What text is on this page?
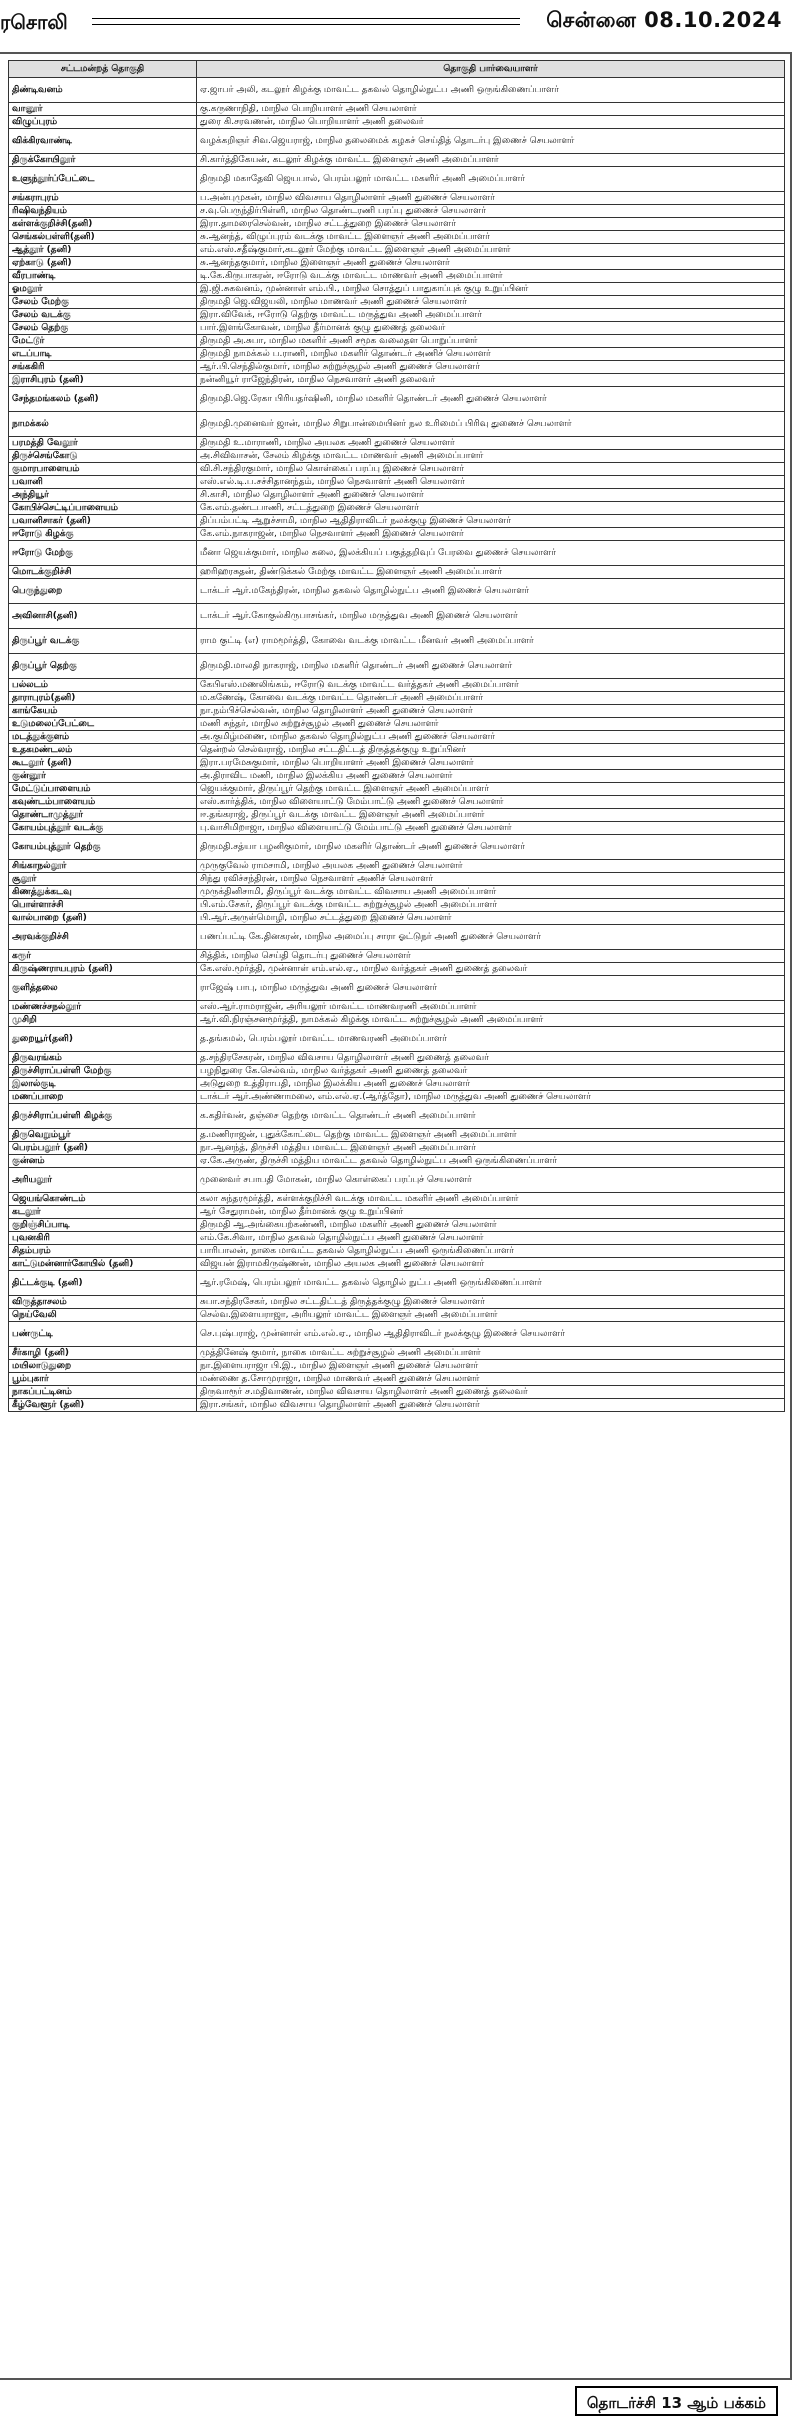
ரசொலி	சென்னை 08.10.2024
சட்டமன்றத் தொகுதி	தொகுதி பார்வையாளர்
திண்டிவனம்	ஏ.ஜாபர் அலி, கடலூர் கிழக்கு மாவட்ட தகவல் தொழில்நுட்ப அணி ஒருங்கிணைப்பாளர்
வானூர்	கு.கருணாநிதி, மாநில பொறியாளர் அணி செயலாளர்
விழுப்புரம்	துரை கி.சரவணன், மாநில பொறியாளர் அணி தலைவர்
விக்கிரவாண்டி	வழக்கறிஞர் சிவ.ஜெயராஜ், மாநில தலைமைக் கழகச் செய்தித் தொடர்பு இணைச் செயலாளர்
திருக்கோயிலூர்	சி.கார்த்திகேயன், கடலூர் கிழக்கு மாவட்ட இளைஞர் அணி அமைப்பாளர்
உளுந்தூர்ப்பேட்டை	திருமதி மகாதேவி ஜெயபால், பெரம்பலூர் மாவட்ட மகளிர் அணி அமைப்பாளர்
சங்கராபுரம்	ப.அன்புமுகன், மாநில விவசாய தொழிலாளர் அணி துணைச் செயலாளர்
ரிஷிவந்தியம்	ச.வு.பெருந்திர்பிள்ளி, மாநில தொண்டரணி பரப்பு துணைச் செயலாளர்
கள்ளக்குறிச்சி(தனி)	இரா.தாமரைசெல்வன், மாநில சட்டத்துறை இணைச் செயலாளர்
செங்கல்பள்ளி(தனி)	சு.ஆனந்த், விழுப்புரம் வடக்கு மாவட்ட இளைஞர் அணி அமைப்பாளர்
ஆத்தூர் (தனி)	எம்.எஸ்.சதீஷ்குமார்,கடலூர் மேற்கு மாவட்ட இளைஞர் அணி அமைப்பாளர்
ஏற்காடு (தனி)	சு.ஆனந்தகுமார், மாநில இளைஞர் அணி துணைச் செயலாளர்
வீரபாண்டி	டி.கே.கிருபாகரன், ஈரோடு வடக்கு மாவட்ட மாணவர் அணி அமைப்பாளர்
ஓமலூர்	இ.ஜி.சுகவனம், முன்னாள் எம்.பி., மாநில சொத்துப் பாதுகாப்புக் குழு உறுப்பினர்
சேலம் மேற்கு	திருமதி ஜெ.விஜயலி, மாநில மாணவர் அணி துணைச் செயலாளர்
சேலம் வடக்கு	இரா.விவேக், ஈரோடு தெற்கு மாவட்ட மருத்துவ அணி அமைப்பாளர்
சேலம் தெற்கு	பார்.இளங்கோவன், மாநில தீர்மானக் குழு துணைத் தலைவர்
மேட்டூர்	திருமதி அ.சுபா, மாநில மகளிர் அணி சமூக வலைதள பொறுப்பாளர்
எடப்பாடி	திருமதி நாமக்கல் ப.ராணி, மாநில மகளிர் தொண்டர் அணிச் செயலாளர்
சங்ககிரி	ஆர்.பி.செந்தில்குமார், மாநில சுற்றுச்சூழல் அணி துணைச் செயலாளர்
இராசிபுரம் (தனி)	நன்னியூர் ராஜேந்திரன், மாநில நெசவாளர் அணி தலைவர்
சேந்தமங்கலம் (தனி)	திருமதி.ஜெ.ரேகா பிரியதர்ஷினி, மாநில மகளிர் தொண்டர் அணி துணைச் செயலாளர்
நாமக்கல்	திருமதி.முனைவர் ஜான், மாநில சிறுபான்மையினர் நல உரிமைப் பிரிவு துணைச் செயலாளர்
பரமத்தி வேலூர்	திருமதி உ.மாராணி, மாநில அயலக அணி துணைச் செயலாளர்
திருச்செங்கோடு	அ.சிவிவாசன், சேலம் கிழக்கு மாவட்ட மாணவர் அணி அமைப்பாளர்
குமாரபாளையம்	வி.சி.சந்திரகுமார், மாநில கொள்கைப் பரப்பு இணைச் செயலாளர்
பவானி	எஸ்.எல்.டி.ப.சச்சிதானந்தம், மாநில நெசவாளர் அணி செயலாளர்
அந்தியூர்	சி.காசி, மாநில தொழிலாளர் அணி துணைச் செயலாளர்
கோபிச்செட்டிப்பாளையம்	கே.எம்.தண்டபாணி, சட்டத்துறை இணைச் செயலாளர்
பவானிசாகர் (தனி)	திப்பம்பட்டி ஆறுச்சாமி, மாநில ஆதிதிராவிடர் நலக்குழு இணைச் செயலாளர்
ஈரோடு கிழக்கு	கே.எம்.நாகராஜன், மாநில நெசவாளர் அணி இணைச் செயலாளர்
ஈரோடு மேற்கு	மீனா ஜெயக்குமார், மாநில கலை, இலக்கியப் பகுத்தறிவுப் பேரவை துணைச் செயலாளர்
மொடக்குறிச்சி	ஹரிஹரசுதன், திண்டுக்கல் மேற்கு மாவட்ட இளைஞர் அணி அமைப்பாளர்
பெருந்துறை	டாக்டர் ஆர்.மகேந்திரன், மாநில தகவல் தொழில்நுட்ப அணி இணைச் செயலாளர்
அவினாசி(தனி)	டாக்டர் ஆர்.கோகுல்கிருபாசங்கர், மாநில மருத்துவ அணி இணைச் செயலாளர்
திருப்பூர் வடக்கு	ராம குட்டி (எ) ராமமூர்த்தி, கோவை வடக்கு மாவட்ட மீனவர் அணி அமைப்பாளர்
திருப்பூர் தெற்கு	திருமதி.மாலதி நாகராஜ், மாநில மகளிர் தொண்டர் அணி துணைச் செயலாளர்
பல்லடம்	கேபிஎஸ்.மணலிங்கம், ஈரோடு வடக்கு மாவட்ட வர்த்தகர் அணி அமைப்பாளர்
தாராபுரம்(தனி)	ம.கணேஷ், கோவை வடக்கு மாவட்ட தொண்டர் அணி அமைப்பாளர்
காங்கேயம்	நா.நம்பிச்செல்வன், மாநில தொழிலாளர் அணி துணைச் செயலாளர்
உடுமலைப்பேட்டை	மணி சுந்தர், மாநில சுற்றுச்சூழல் அணி துணைச் செயலாளர்
மடத்துக்குளம்	அ.குமிழ்மணை, மாநில தகவல் தொழில்நுட்ப அணி துணைச் செயலாளர்
உதகமண்டலம்	தென்றல் செல்வராஜ், மாநில சட்டதிட்டத் திருத்தக்குழு உறுப்பினர்
கூடலூர் (தனி)	இரா.பரமேசுகுமார், மாநில பொறியாளர் அணி இணைச் செயலாளர்
குன்னூர்	அ.திராவிட மணி, மாநில இலக்கிய அணி துணைச் செயலாளர்
மேட்டுப்பாளையம்	ஜெயக்குமார், திருப்பூர் தெற்கு மாவட்ட இளைஞர் அணி அமைப்பாளர்
கவுண்டம்பாளையம்	எஸ்.கார்த்திக், மாநில விளையாட்டு மேம்பாட்டு அணி துணைச் செயலாளர்
தொண்டாமுத்தூர்	ஈ.தங்கராஜ், திருப்பூர் வடக்கு மாவட்ட இளைஞர் அணி அமைப்பாளர்
கோயம்புத்தூர் வடக்கு	பு.வாசிமிறாஜா, மாநில விளையாட்டு மேம்பாட்டு அணி துணைச் செயலாளர்
கோயம்புத்தூர் தெற்கு	திருமதி.சத்யா பழனிகுமார், மாநில மகளிர் தொண்டர் அணி துணைச் செயலாளர்
சிங்காநல்லூர்	முருகுவேல் ராமசாமி, மாநில அயலக அணி துணைச் செயலாளர்
சூலூர்	சிந்து ரவிச்சந்திரன், மாநில நெசவாளர் அணிச் செயலாளர்
கிணத்துக்கடவு	முருக்தினிசாமி, திருப்பூர் வடக்கு மாவட்ட விவசாய அணி அமைப்பாளர்
பொள்ளாச்சி	பி.எம்.சேகர், திருப்பூர் வடக்கு மாவட்ட சுற்றுச்சூழல் அணி அமைப்பாளர்
வால்பாறை (தனி)	பி.ஆர்.அருள்மொழி, மாநில சட்டத்துறை இணைச் செயலாளர்
அரவக்குறிச்சி	பணப்பட்டி கே.தினகரன், மாநில அமைப்பு சாரா ஓட்டுநர் அணி துணைச் செயலாளர்
கரூர்	சித்திக், மாநில செய்தி தொடர்பு துணைச் செயலாளர்
கிருஷ்ணராயபுரம் (தனி)	கே.எஸ்.மூர்த்தி, முன்னாள் எம்.எல்.ஏ., மாநில வர்த்தகர் அணி துணைத் தலைவர்
குளித்தலை	ராஜேஷ் பாபு, மாநில மருத்துவ அணி துணைச் செயலாளர்
மண்ணச்சநல்லூர்	எஸ்.ஆர்.ராமராஜன், அரியலூர் மாவட்ட மாணவரணி அமைப்பாளர்
முசிறி	ஆர்.வி.நிரஞ்சனமூர்த்தி, நாமக்கல் கிழக்கு மாவட்ட சுற்றுச்சூழல் அணி அமைப்பாளர்
துறையூர்(தனி)	த.தங்கமல், பெரம்பலூர் மாவட்ட மாணவரணி அமைப்பாளர்
திருவரங்கம்	த.சந்திரசேகரன், மாநில விவசாய தொழிலாளர் அணி துணைத் தலைவர்
திருச்சிராப்பள்ளி மேற்கு	பழநிதுரை கே.செல்வம், மாநில வர்த்தகர் அணி துணைத் தலைவர்
இலால்குடி	அடுதுறை உத்திராபதி, மாநில இலக்கிய அணி துணைச் செயலாளர்
மணப்பாறை	டாக்டர் ஆர்.அண்ணாமலை, எம்.எல்.ஏ.(ஆர்த்தோ), மாநில மருத்துவ அணி துணைச் செயலாளர்
திருச்சிராப்பள்ளி கிழக்கு	க.கதிர்வன், தஞ்சை தெற்கு மாவட்ட தொண்டர் அணி அமைப்பாளர்
திருவெறும்பூர்	த.மணிராஜன், புதுக்கோட்டை தெற்கு மாவட்ட இளைஞர் அணி அமைப்பாளர்
பெரம்பலூர் (தனி)	நா.ஆனந்த், திருச்சி மத்திய மாவட்ட இளைஞர் அணி அமைப்பாளர்
குன்னம்	ஏ.கே.அருண், திருச்சி மத்திய மாவட்ட தகவல் தொழில்நுட்ப அணி ஒருங்கிணைப்பாளர்
அரியலூர்	முனைவர் சபாபதி மோகன், மாநில கொள்கைப் பரப்புச் செயலாளர்
ஜெயங்கொண்டம்	கலா சுந்தரமூர்த்தி, கள்ளக்குறிச்சி வடக்கு மாவட்ட மகளிர் அணி அமைப்பாளர்
கடலூர்	ஆர் சேதுராமன், மாநில தீர்மானக் குழு உறுப்பினர்
குறிஞ்சிப்பாடி	திருமதி ஆ.அங்கையற்கண்ணி, மாநில மகளிர் அணி துணைச் செயலாளர்
புவனகிரி	எம்.கே.சிவா, மாநில தகவல் தொழில்நுட்ப அணி துணைச் செயலாளர்
சிதம்பரம்	பாரிபாலன், நாகை மாவட்ட தகவல் தொழில்நுட்ப அணி ஒருங்கிணைப்பாளர்
காட்டுமன்னார்கோயில் (தனி)	விஜயன் இராமகிருஷ்ணன், மாநில அயலக அணி துணைச் செயலாளர்
திட்டக்குடி (தனி)	ஆர்.ரமேஷ், பெரம்பலூர் மாவட்ட தகவல் தொழில் நுட்ப அணி ஒருங்கிணைப்பாளர்
விருத்தாசலம்	சுபா.சந்திரசேகர், மாநில சட்டதிட்டத் திருத்தக்குழு இணைச் செயலாளர்
நெய்வேலி	செல்வ.இளையராஜா, அரியலூர் மாவட்ட இளைஞர் அணி அமைப்பாளர்
பண்ருட்டி	செ.புஷ்பராஜ், முன்னாள் எம்.எல்.ஏ., மாநில ஆதிதிராவிடர் நலக்குழு இணைச் செயலாளர்
சீர்காழி (தனி)	முத்தினேஷ் குமார், நாகை மாவட்ட சுற்றுச்சூழல் அணி அமைப்பாளர்
மயிலாடுதுறை	நா.இளையராஜா பி.இ., மாநில இளைஞர் அணி துணைச் செயலாளர்
பூம்புகார்	மண்ணை த.சோமுராஜா, மாநில மாணவர் அணி துணைச் செயலாளர்
நாகப்பட்டினம்	திருவாரூர் ச.மதிவாணன், மாநில விவசாய தொழிலாளர் அணி துணைத் தலைவர்
கீழ்வேளூர் (தனி)	இரா.சங்கர், மாநில விவசாய தொழிலாளர் அணி துணைச் செயலாளர்
தொடர்ச்சி 13 ஆம் பக்கம்
